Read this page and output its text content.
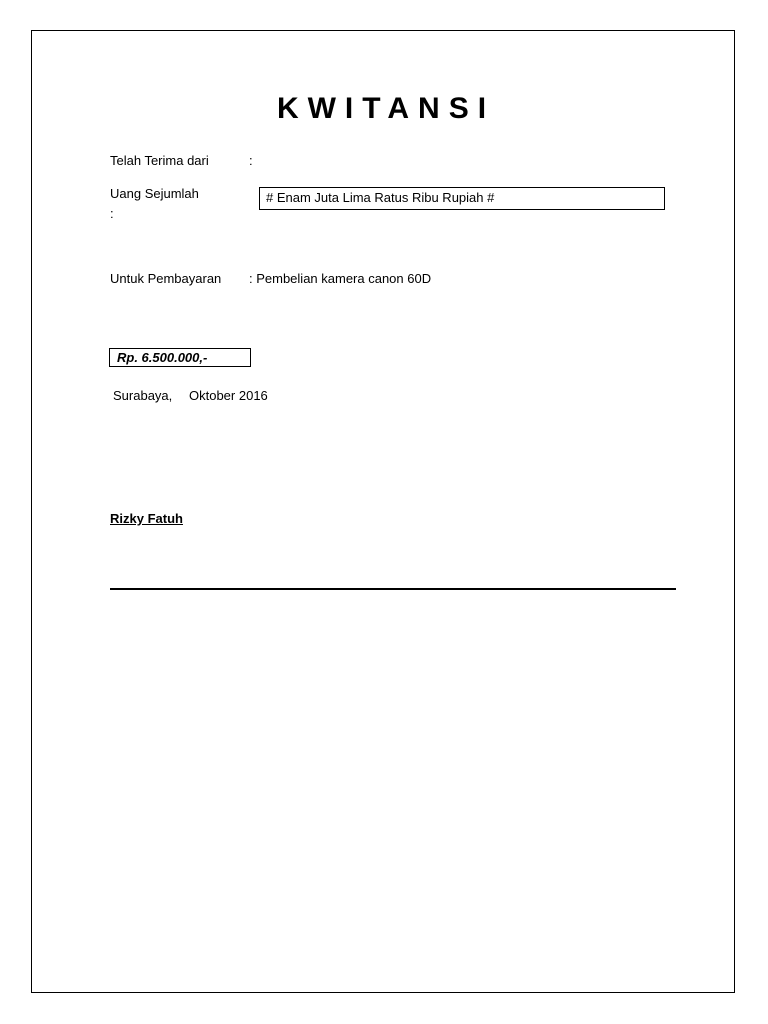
KWITANSI
Telah Terima dari	:
Uang Sejumlah
:
# Enam Juta Lima Ratus Ribu Rupiah #
Untuk Pembayaran : Pembelian kamera canon 60D
Rp. 6.500.000,-
Surabaya, Oktober 2016
Rizky Fatuh
